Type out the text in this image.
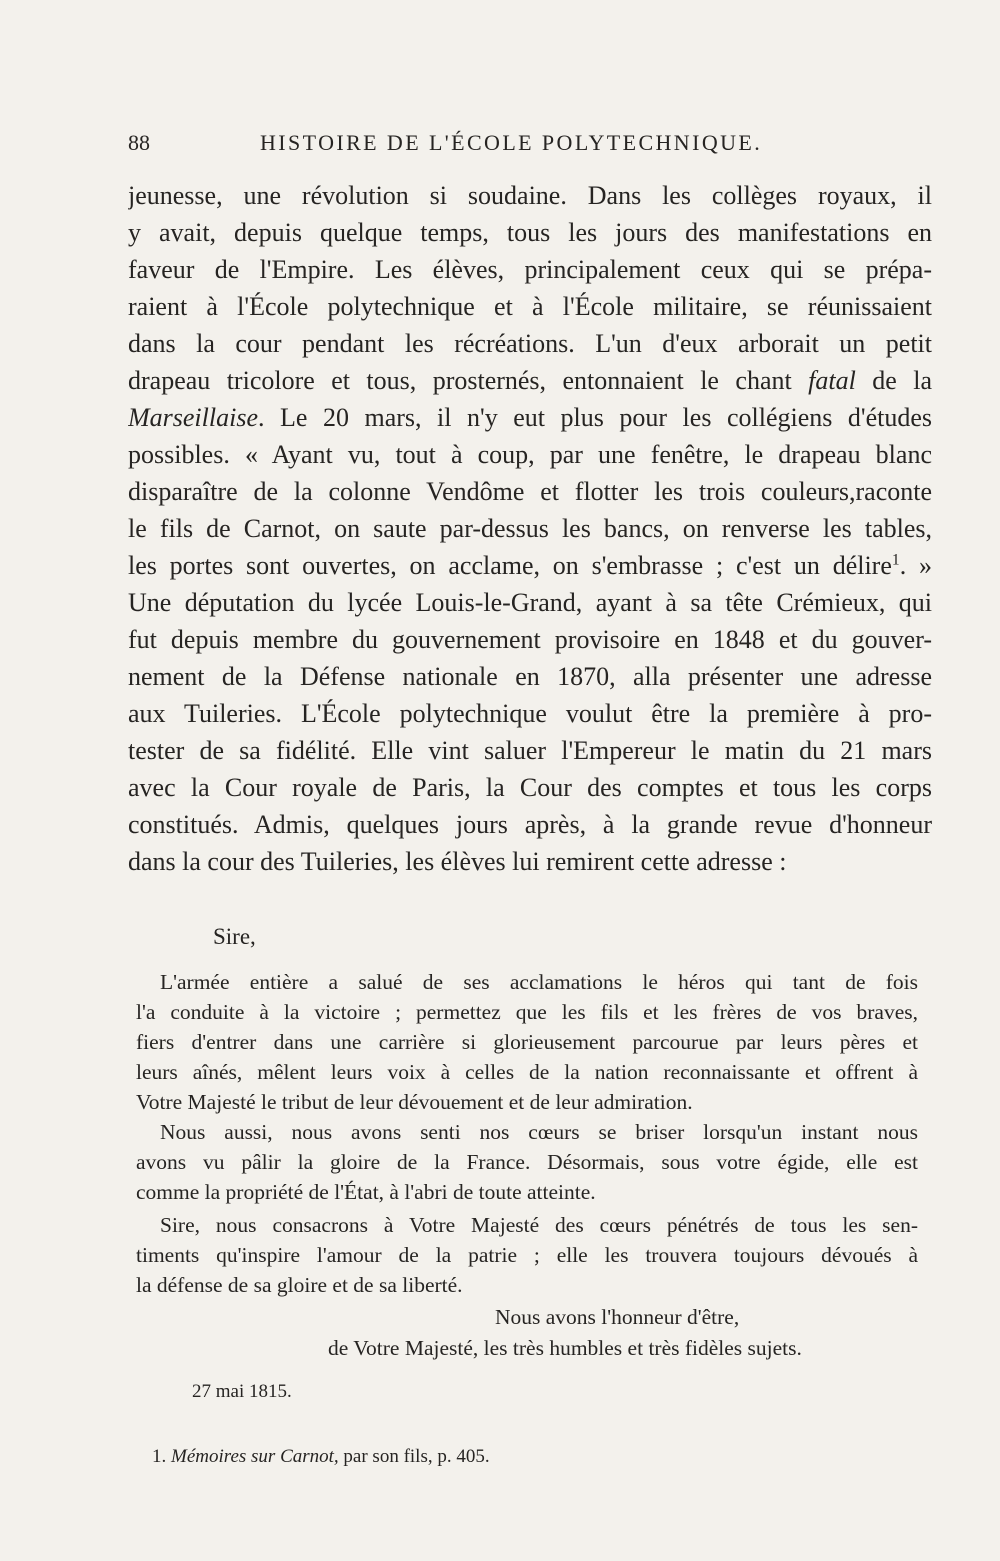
88	HISTOIRE DE L'ÉCOLE POLYTECHNIQUE.
jeunesse, une révolution si soudaine. Dans les collèges royaux, il
y avait, depuis quelque temps, tous les jours des manifestations en
faveur de l'Empire. Les élèves, principalement ceux qui se prépa-
raient à l'École polytechnique et à l'École militaire, se réunissaient
dans la cour pendant les récréations. L'un d'eux arborait un petit
drapeau tricolore et tous, prosternés, entonnaient le chant fatal de la
Marseillaise. Le 20 mars, il n'y eut plus pour les collégiens d'études
possibles. « Ayant vu, tout à coup, par une fenêtre, le drapeau blanc
disparaître de la colonne Vendôme et flotter les trois couleurs,raconte
le fils de Carnot, on saute par-dessus les bancs, on renverse les tables,
les portes sont ouvertes, on acclame, on s'embrasse ; c'est un délire$^1$. »
Une députation du lycée Louis-le-Grand, ayant à sa tête Crémieux, qui
fut depuis membre du gouvernement provisoire en 1848 et du gouver-
nement de la Défense nationale en 1870, alla présenter une adresse
aux Tuileries. L'École polytechnique voulut être la première à pro-
tester de sa fidélité. Elle vint saluer l'Empereur le matin du 21 mars
avec la Cour royale de Paris, la Cour des comptes et tous les corps
constitués. Admis, quelques jours après, à la grande revue d'honneur
dans la cour des Tuileries, les élèves lui remirent cette adresse :
Sire,
L'armée entière a salué de ses acclamations le héros qui tant de fois
l'a conduite à la victoire ; permettez que les fils et les frères de vos braves,
fiers d'entrer dans une carrière si glorieusement parcourue par leurs pères et
leurs aînés, mêlent leurs voix à celles de la nation reconnaissante et offrent à
Votre Majesté le tribut de leur dévouement et de leur admiration.
Nous aussi, nous avons senti nos cœurs se briser lorsqu'un instant nous
avons vu pâlir la gloire de la France. Désormais, sous votre égide, elle est
comme la propriété de l'État, à l'abri de toute atteinte.
Sire, nous consacrons à Votre Majesté des cœurs pénétrés de tous les sen-
timents qu'inspire l'amour de la patrie ; elle les trouvera toujours dévoués à
la défense de sa gloire et de sa liberté.
Nous avons l'honneur d'être,
de Votre Majesté, les très humbles et très fidèles sujets.
27 mai 1815.
1. Mémoires sur Carnot, par son fils, p. 405.
